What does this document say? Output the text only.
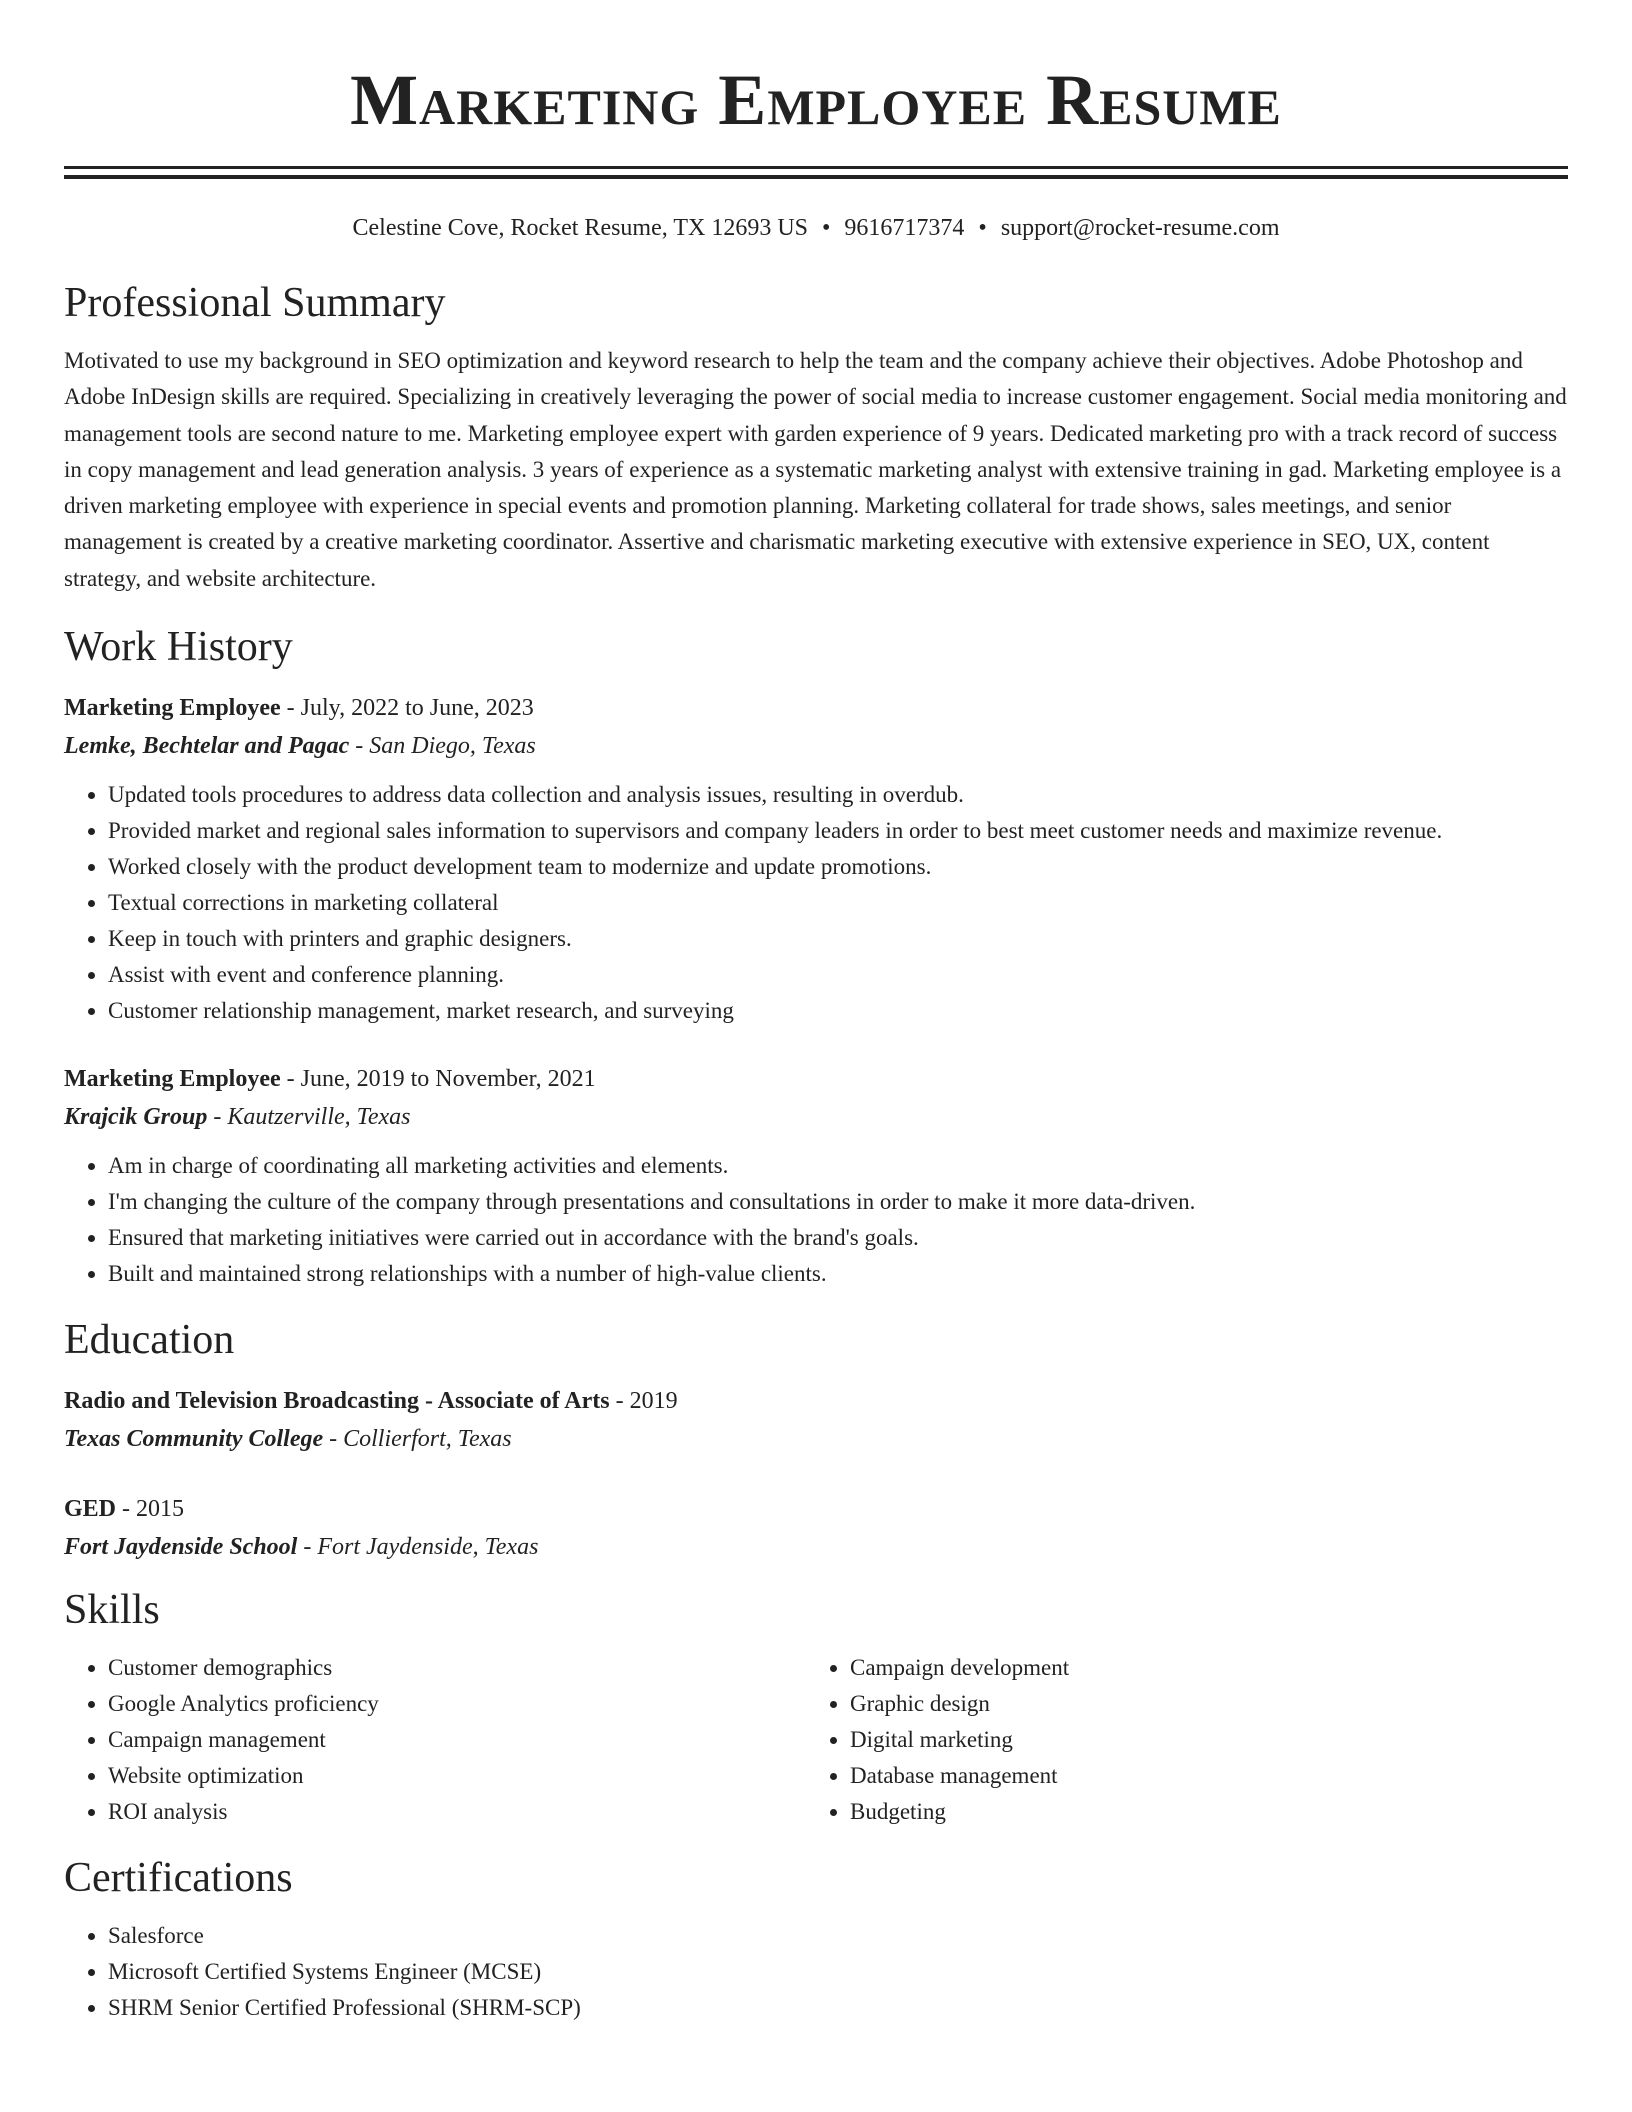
Marketing Employee Resume
Celestine Cove, Rocket Resume, TX 12693 US • 9616717374 • support@rocket-resume.com
Professional Summary

Motivated to use my background in SEO optimization and keyword research to help the team and the company achieve their objectives. Adobe Photoshop and Adobe InDesign skills are required. Specializing in creatively leveraging the power of social media to increase customer engagement. Social media monitoring and management tools are second nature to me. Marketing employee expert with garden experience of 9 years. Dedicated marketing pro with a track record of success in copy management and lead generation analysis. 3 years of experience as a systematic marketing analyst with extensive training in gad. Marketing employee is a driven marketing employee with experience in special events and promotion planning. Marketing collateral for trade shows, sales meetings, and senior management is created by a creative marketing coordinator. Assertive and charismatic marketing executive with extensive experience in SEO, UX, content strategy, and website architecture.

Work History

Marketing Employee - July, 2022 to June, 2023

Lemke, Bechtelar and Pagac - San Diego, Texas

• Updated tools procedures to address data collection and analysis issues, resulting in overdub.
• Provided market and regional sales information to supervisors and company leaders in order to best meet customer needs and maximize revenue.
• Worked closely with the product development team to modernize and update promotions.
• Textual corrections in marketing collateral
• Keep in touch with printers and graphic designers.
• Assist with event and conference planning.
• Customer relationship management, market research, and surveying

Marketing Employee - June, 2019 to November, 2021

Krajcik Group - Kautzerville, Texas

• Am in charge of coordinating all marketing activities and elements.
• I'm changing the culture of the company through presentations and consultations in order to make it more data-driven.
• Ensured that marketing initiatives were carried out in accordance with the brand's goals.
• Built and maintained strong relationships with a number of high-value clients.
Education

Radio and Television Broadcasting - Associate of Arts - 2019

Texas Community College - Collierfort, Texas

GED - 2015

Fort Jaydenside School - Fort Jaydenside, Texas

Skills
• Customer demographics
• Google Analytics proficiency
• Campaign management
• Website optimization
• ROI analysis
• Campaign development
• Graphic design
• Digital marketing
• Database management
• Budgeting
Certifications
• Salesforce
• Microsoft Certified Systems Engineer (MCSE)
• SHRM Senior Certified Professional (SHRM-SCP)
